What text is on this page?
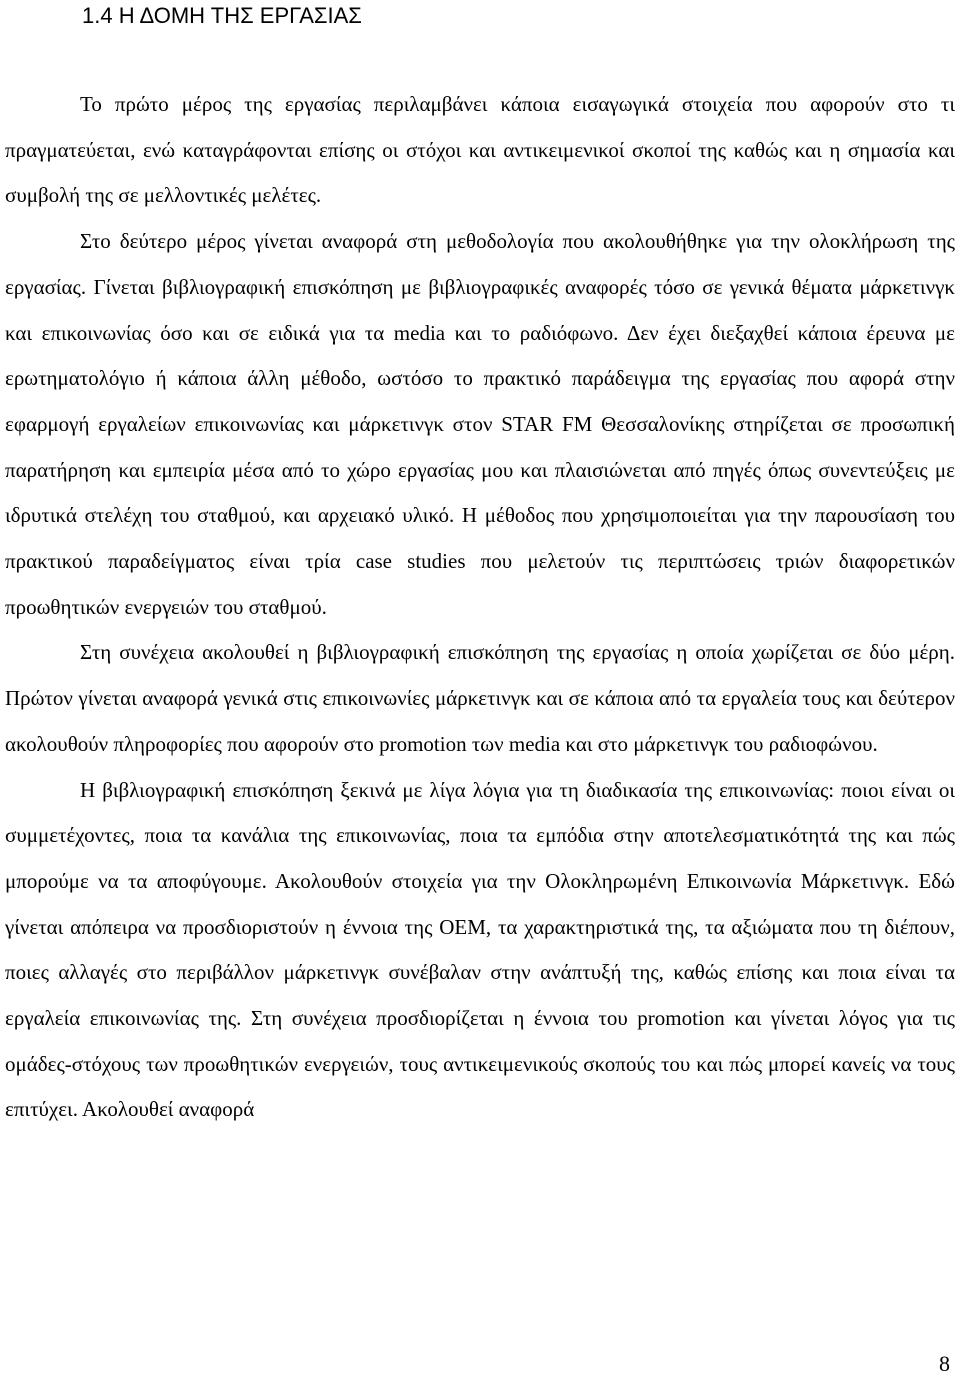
1.4 Η ΔΟΜΗ ΤΗΣ ΕΡΓΑΣΙΑΣ

Το πρώτο μέρος της εργασίας περιλαμβάνει κάποια εισαγωγικά στοιχεία που αφορούν στο τι πραγματεύεται, ενώ καταγράφονται επίσης οι στόχοι και αντικειμενικοί σκοποί της καθώς και η σημασία και συμβολή της σε μελλοντικές μελέτες.

Στο δεύτερο μέρος γίνεται αναφορά στη μεθοδολογία που ακολουθήθηκε για την ολοκλήρωση της εργασίας. Γίνεται βιβλιογραφική επισκόπηση με βιβλιογραφικές αναφορές τόσο σε γενικά θέματα μάρκετινγκ και επικοινωνίας όσο και σε ειδικά για τα media και το ραδιόφωνο. Δεν έχει διεξαχθεί κάποια έρευνα με ερωτηματολόγιο ή κάποια άλλη μέθοδο, ωστόσο το πρακτικό παράδειγμα της εργασίας που αφορά στην εφαρμογή εργαλείων επικοινωνίας και μάρκετινγκ στον STAR FM Θεσσαλονίκης στηρίζεται σε προσωπική παρατήρηση και εμπειρία μέσα από το χώρο εργασίας μου και πλαισιώνεται από πηγές όπως συνεντεύξεις με ιδρυτικά στελέχη του σταθμού, και αρχειακό υλικό. Η μέθοδος που χρησιμοποιείται για την παρουσίαση του πρακτικού παραδείγματος είναι τρία case studies που μελετούν τις περιπτώσεις τριών διαφορετικών προωθητικών ενεργειών του σταθμού.

Στη συνέχεια ακολουθεί η βιβλιογραφική επισκόπηση της εργασίας η οποία χωρίζεται σε δύο μέρη. Πρώτον γίνεται αναφορά γενικά στις επικοινωνίες μάρκετινγκ και σε κάποια από τα εργαλεία τους και δεύτερον ακολουθούν πληροφορίες που αφορούν στο promotion των media και στο μάρκετινγκ του ραδιοφώνου.

Η βιβλιογραφική επισκόπηση ξεκινά με λίγα λόγια για τη διαδικασία της επικοινωνίας: ποιοι είναι οι συμμετέχοντες, ποια τα κανάλια της επικοινωνίας, ποια τα εμπόδια στην αποτελεσματικότητά της και πώς μπορούμε να τα αποφύγουμε. Ακολουθούν στοιχεία για την Ολοκληρωμένη Επικοινωνία Μάρκετινγκ. Εδώ γίνεται απόπειρα να προσδιοριστούν η έννοια της ΟΕΜ, τα χαρακτηριστικά της, τα αξιώματα που τη διέπουν, ποιες αλλαγές στο περιβάλλον μάρκετινγκ συνέβαλαν στην ανάπτυξή της, καθώς επίσης και ποια είναι τα εργαλεία επικοινωνίας της. Στη συνέχεια προσδιορίζεται η έννοια του promotion και γίνεται λόγος για τις ομάδες-στόχους των προωθητικών ενεργειών, τους αντικειμενικούς σκοπούς του και πώς μπορεί κανείς να τους επιτύχει. Ακολουθεί αναφορά

8
